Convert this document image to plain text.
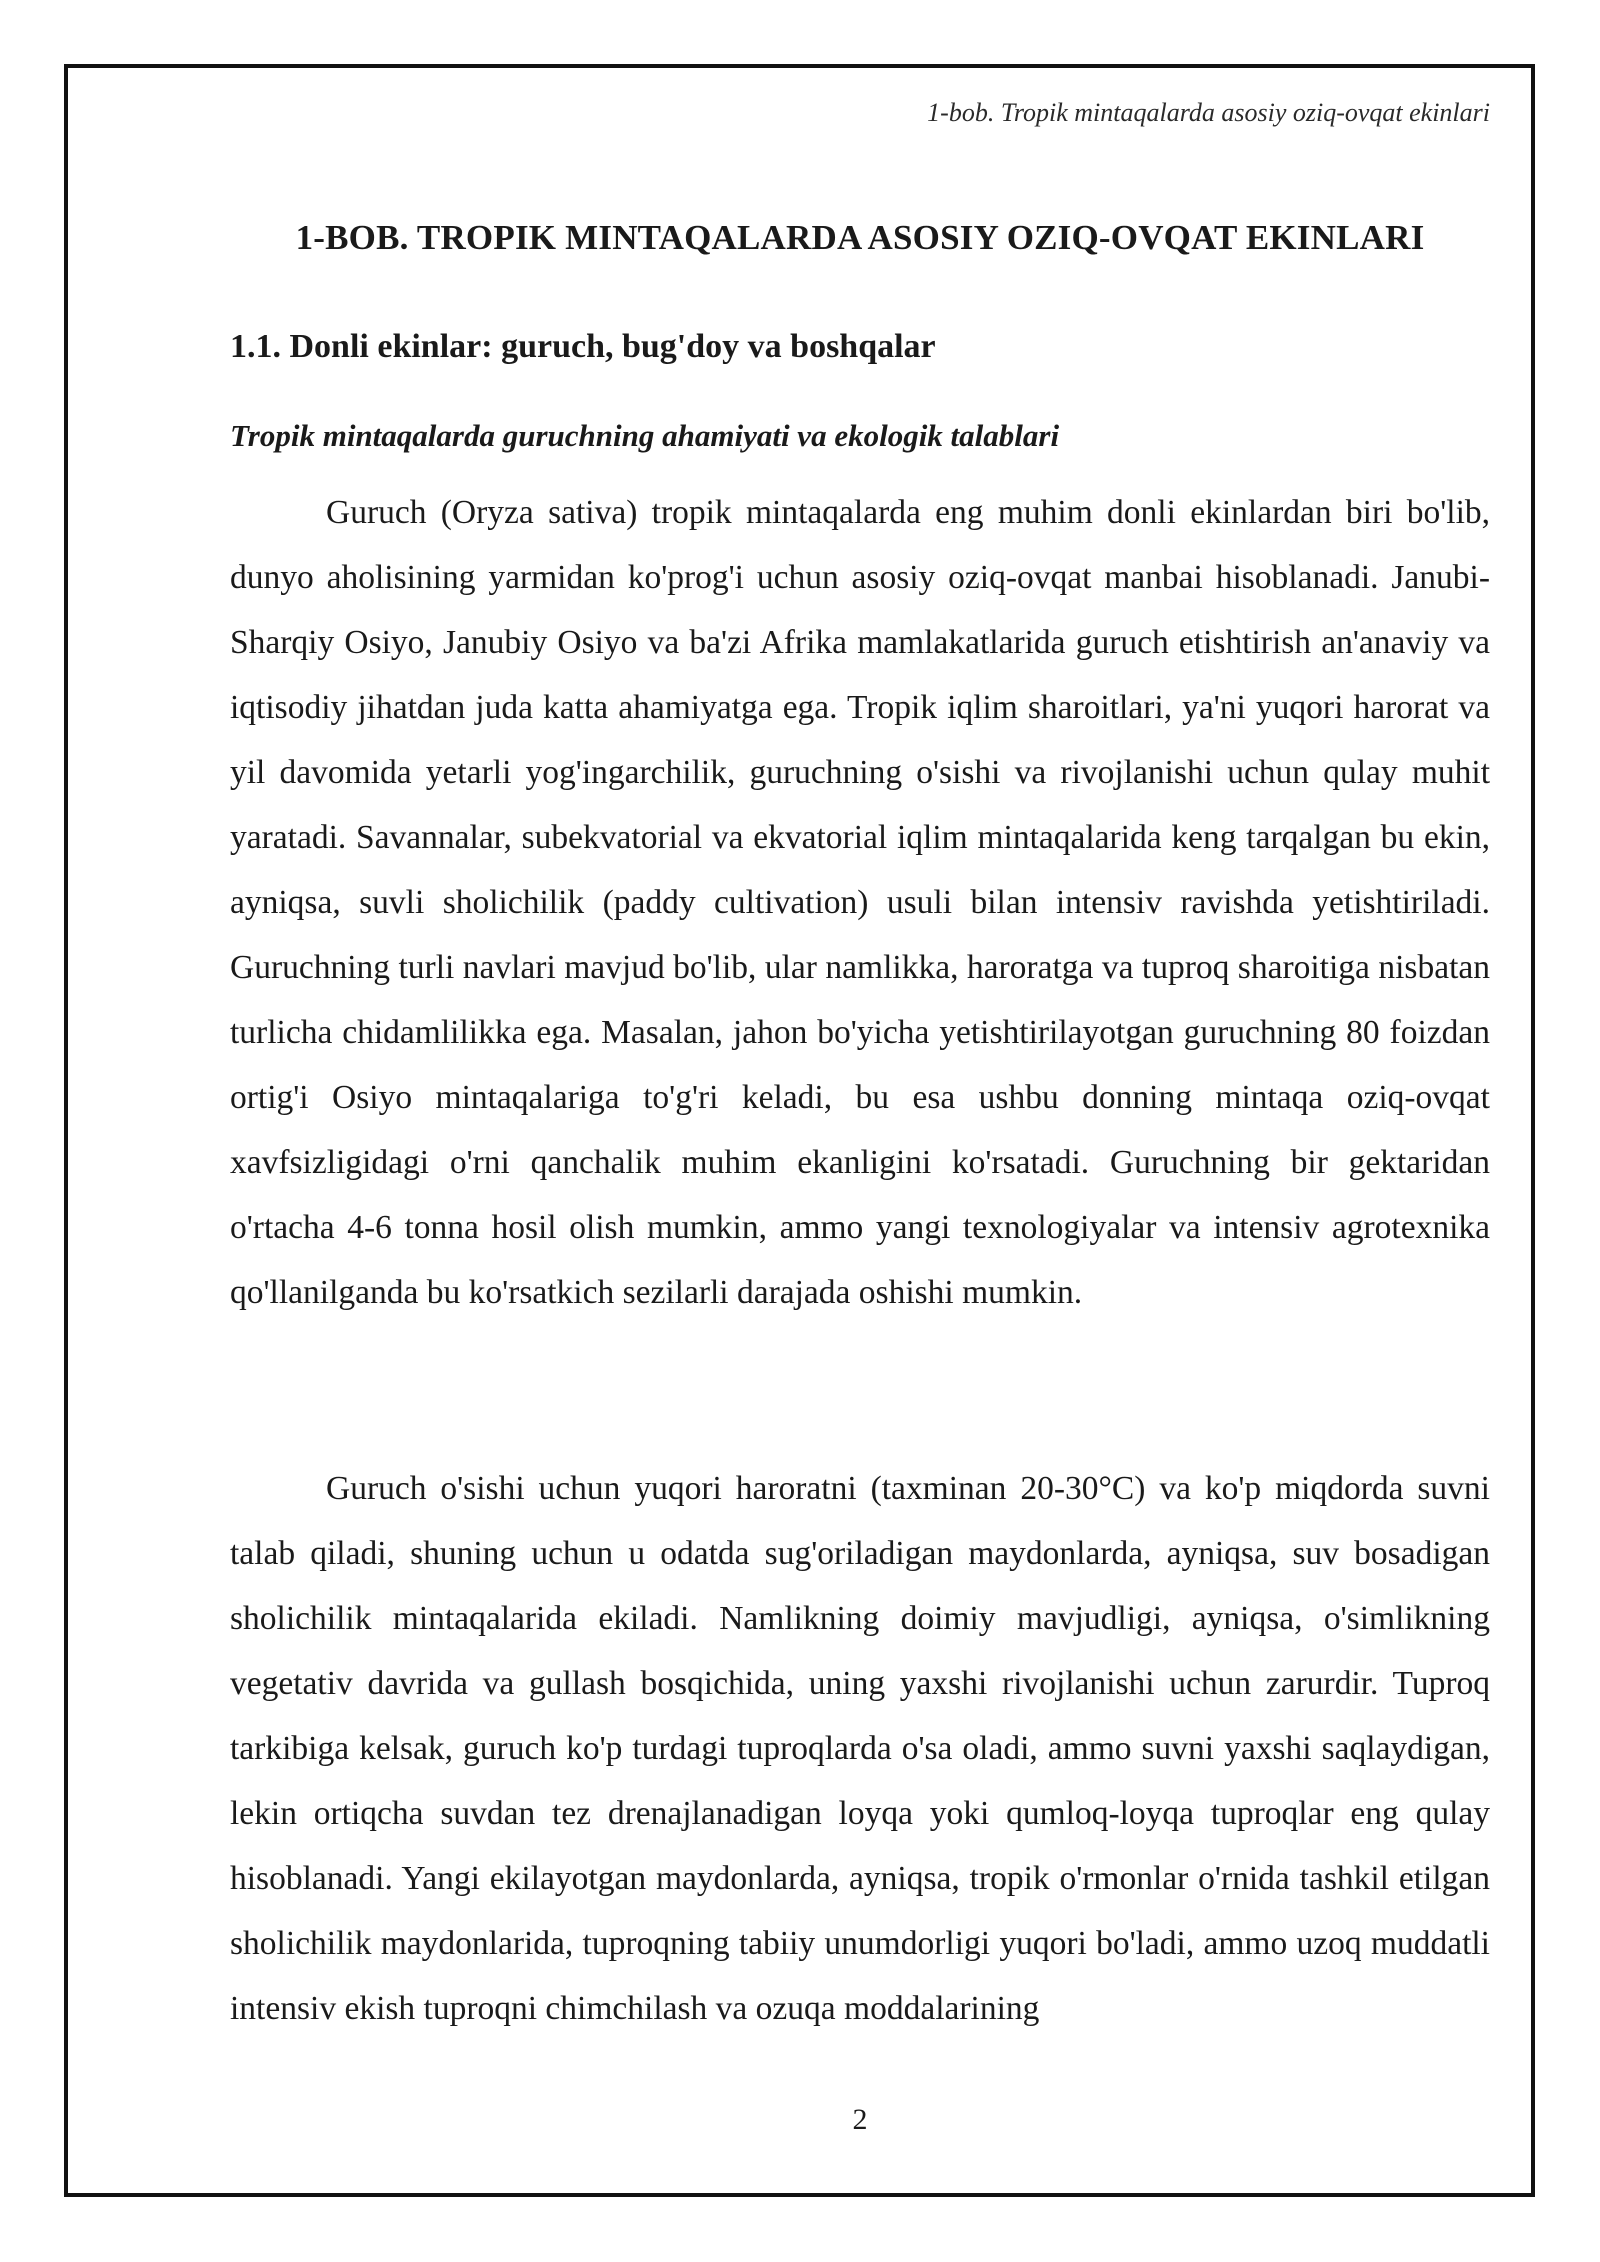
1-bob. Tropik mintaqalarda asosiy oziq-ovqat ekinlari
1-BOB. TROPIK MINTAQALARDA ASOSIY OZIQ-OVQAT EKINLARI
1.1. Donli ekinlar: guruch, bug'doy va boshqalar
Tropik mintaqalarda guruchning ahamiyati va ekologik talablari

Guruch (Oryza sativa) tropik mintaqalarda eng muhim donli ekinlardan biri bo'lib, dunyo aholisining yarmidan ko'prog'i uchun asosiy oziq-ovqat manbai hisoblanadi. Janubi-Sharqiy Osiyo, Janubiy Osiyo va ba'zi Afrika mamlakatlarida guruch etishtirish an'anaviy va iqtisodiy jihatdan juda katta ahamiyatga ega. Tropik iqlim sharoitlari, ya'ni yuqori harorat va yil davomida yetarli yog'ingarchilik, guruchning o'sishi va rivojlanishi uchun qulay muhit yaratadi. Savannalar, subekvatorial va ekvatorial iqlim mintaqalarida keng tarqalgan bu ekin, ayniqsa, suvli sholichilik (paddy cultivation) usuli bilan intensiv ravishda yetishtiriladi. Guruchning turli navlari mavjud bo'lib, ular namlikka, haroratga va tuproq sharoitiga nisbatan turlicha chidamlilikka ega. Masalan, jahon bo'yicha yetishtirilayotgan guruchning 80 foizdan ortig'i Osiyo mintaqalariga to'g'ri keladi, bu esa ushbu donning mintaqa oziq-ovqat xavfsizligidagi o'rni qanchalik muhim ekanligini ko'rsatadi. Guruchning bir gektaridan o'rtacha 4-6 tonna hosil olish mumkin, ammo yangi texnologiyalar va intensiv agrotexnika qo'llanilganda bu ko'rsatkich sezilarli darajada oshishi mumkin.

Guruch o'sishi uchun yuqori haroratni (taxminan 20-30°C) va ko'p miqdorda suvni talab qiladi, shuning uchun u odatda sug'oriladigan maydonlarda, ayniqsa, suv bosadigan sholichilik mintaqalarida ekiladi. Namlikning doimiy mavjudligi, ayniqsa, o'simlikning vegetativ davrida va gullash bosqichida, uning yaxshi rivojlanishi uchun zarurdir. Tuproq tarkibiga kelsak, guruch ko'p turdagi tuproqlarda o'sa oladi, ammo suvni yaxshi saqlaydigan, lekin ortiqcha suvdan tez drenajlanadigan loyqa yoki qumloq-loyqa tuproqlar eng qulay hisoblanadi. Yangi ekilayotgan maydonlarda, ayniqsa, tropik o'rmonlar o'rnida tashkil etilgan sholichilik maydonlarida, tuproqning tabiiy unumdorligi yuqori bo'ladi, ammo uzoq muddatli intensiv ekish tuproqni chimchilash va ozuqa moddalarining

2
